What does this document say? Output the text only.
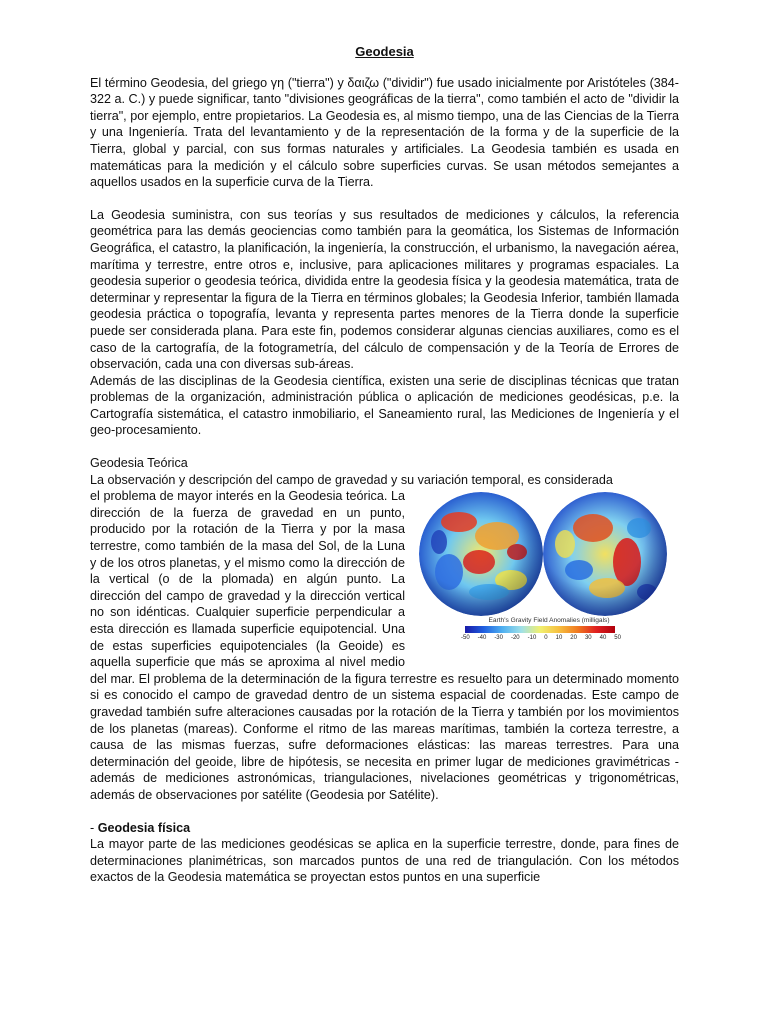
Geodesia

El término Geodesia, del griego γη ("tierra") y δαιζω ("dividir") fue usado inicialmente por Aristóteles (384-322 a. C.) y puede significar, tanto "divisiones geográficas de la tierra", como también el acto de "dividir la tierra", por ejemplo, entre propietarios. La Geodesia es, al mismo tiempo, una de las Ciencias de la Tierra y una Ingeniería. Trata del levantamiento y de la representación de la forma y de la superficie de la Tierra, global y parcial, con sus formas naturales y artificiales. La Geodesia también es usada en matemáticas para la medición y el cálculo sobre superficies curvas. Se usan métodos semejantes a aquellos usados en la superficie curva de la Tierra.

La Geodesia suministra, con sus teorías y sus resultados de mediciones y cálculos, la referencia geométrica para las demás geociencias como también para la geomática, los Sistemas de Información Geográfica, el catastro, la planificación, la ingeniería, la construcción, el urbanismo, la navegación aérea, marítima y terrestre, entre otros e, inclusive, para aplicaciones militares y programas espaciales. La geodesia superior o geodesia teórica, dividida entre la geodesia física y la geodesia matemática, trata de determinar y representar la figura de la Tierra en términos globales; la Geodesia Inferior, también llamada geodesia práctica o topografía, levanta y representa partes menores de la Tierra donde la superficie puede ser considerada plana. Para este fin, podemos considerar algunas ciencias auxiliares, como es el caso de la cartografía, de la fotogrametría, del cálculo de compensación y de la Teoría de Errores de observación, cada una con diversas sub-áreas.

Además de las disciplinas de la Geodesia científica, existen una serie de disciplinas técnicas que tratan problemas de la organización, administración pública o aplicación de mediciones geodésicas, p.e. la Cartografía sistemática, el catastro inmobiliario, el Saneamiento rural, las Mediciones de Ingeniería y el geo-procesamiento.

Geodesia Teórica

La observación y descripción del campo de gravedad y su variación temporal, es considerada

Earth's Gravity Field Anomalies (milligals)
-50 -40 -30 -20 -10 0 10 20 30 40 50

el problema de mayor interés en la Geodesia teórica. La dirección de la fuerza de gravedad en un punto, producido por la rotación de la Tierra y por la masa terrestre, como también de la masa del Sol, de la Luna y de los otros planetas, y el mismo como la dirección de la vertical (o de la plomada) en algún punto. La dirección del campo de gravedad y la dirección vertical no son idénticas. Cualquier superficie perpendicular a esta dirección es llamada superficie equipotencial. Una de estas superficies equipotenciales (la Geoide) es aquella superficie que más se aproxima al nivel medio del mar. El problema de la determinación de la figura terrestre es resuelto para un determinado momento si es conocido el campo de gravedad dentro de un sistema espacial de coordenadas. Este campo de gravedad también sufre alteraciones causadas por la rotación de la Tierra y también por los movimientos de los planetas (mareas). Conforme el ritmo de las mareas marítimas, también la corteza terrestre, a causa de las mismas fuerzas, sufre deformaciones elásticas: las mareas terrestres. Para una determinación del geoide, libre de hipótesis, se necesita en primer lugar de mediciones gravimétricas -además de mediciones astronómicas, triangulaciones, nivelaciones geométricas y trigonométricas, además de observaciones por satélite (Geodesia por Satélite).

- Geodesia física

La mayor parte de las mediciones geodésicas se aplica en la superficie terrestre, donde, para fines de determinaciones planimétricas, son marcados puntos de una red de triangulación. Con los métodos exactos de la Geodesia matemática se proyectan estos puntos en una superficie
